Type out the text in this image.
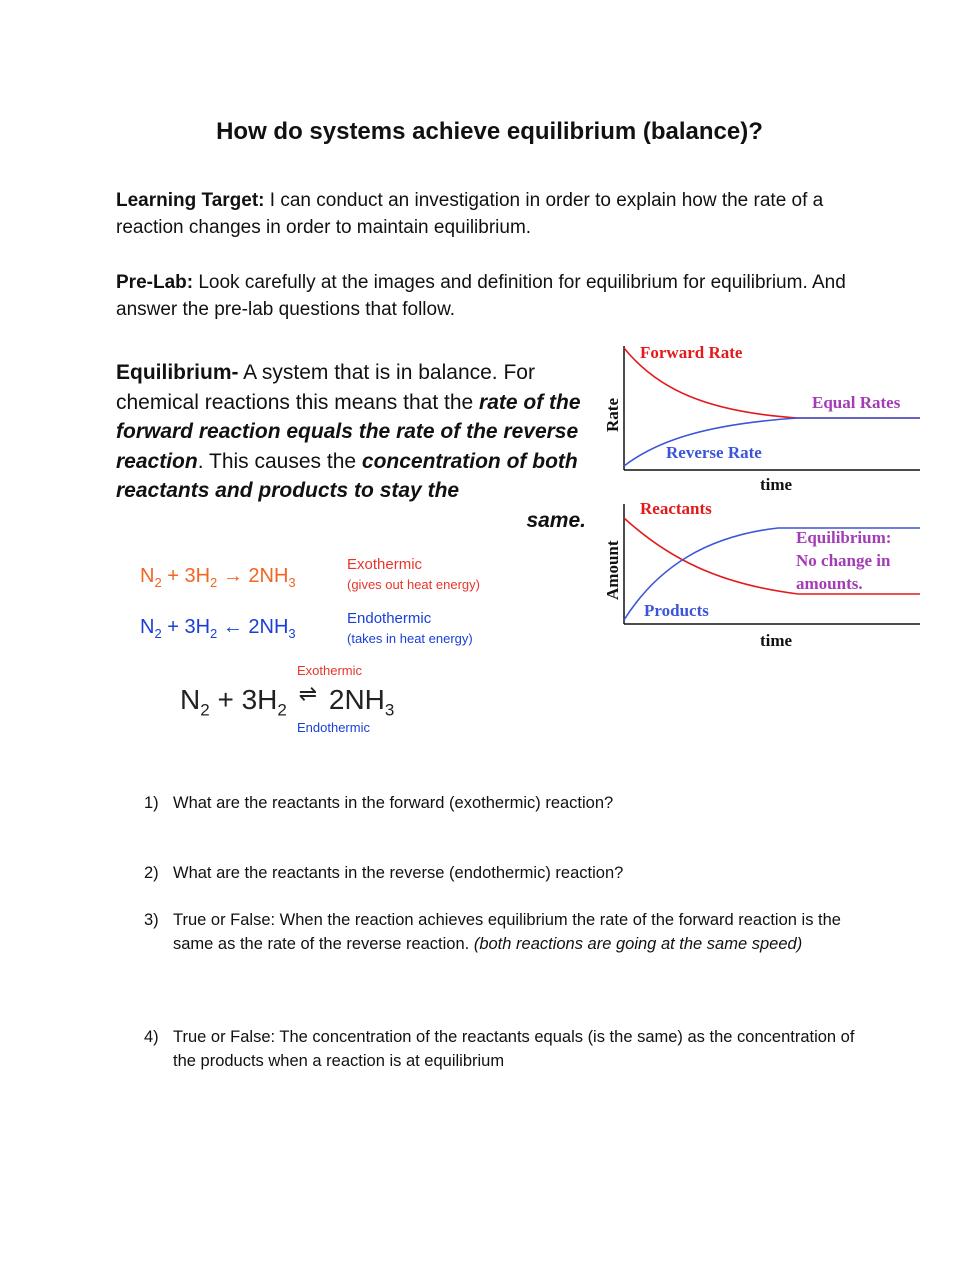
How do systems achieve equilibrium (balance)?
Learning Target: I can conduct an investigation in order to explain how the rate of a reaction changes in order to maintain equilibrium.
Pre-Lab: Look carefully at the images and definition for equilibrium for equilibrium. And answer the pre-lab questions that follow.
Equilibrium- A system that is in balance. For chemical reactions this means that the rate of the forward reaction equals the rate of the reverse reaction. This causes the concentration of both reactants and products to stay the
same.
$N_2 + 3H_2 \to 2NH_3$
Exothermic
(gives out heat energy)
$N_2 + 3H_2$ ← $2NH_3$
Endothermic
(takes in heat energy)
Exothermic
$N_2 + 3H_2$ ⇌ $2NH_3$
Endothermic
Forward Rate
Equal Rates
Reverse Rate
time
Rate
Reactants
Equilibrium:
No change in
amounts.
Products
time
Amount
1) What are the reactants in the forward (exothermic) reaction?
2) What are the reactants in the reverse (endothermic) reaction?
3) True or False: When the reaction achieves equilibrium the rate of the forward reaction is the same as the rate of the reverse reaction. (both reactions are going at the same speed)
4) True or False: The concentration of the reactants equals (is the same) as the concentration of the products when a reaction is at equilibrium
